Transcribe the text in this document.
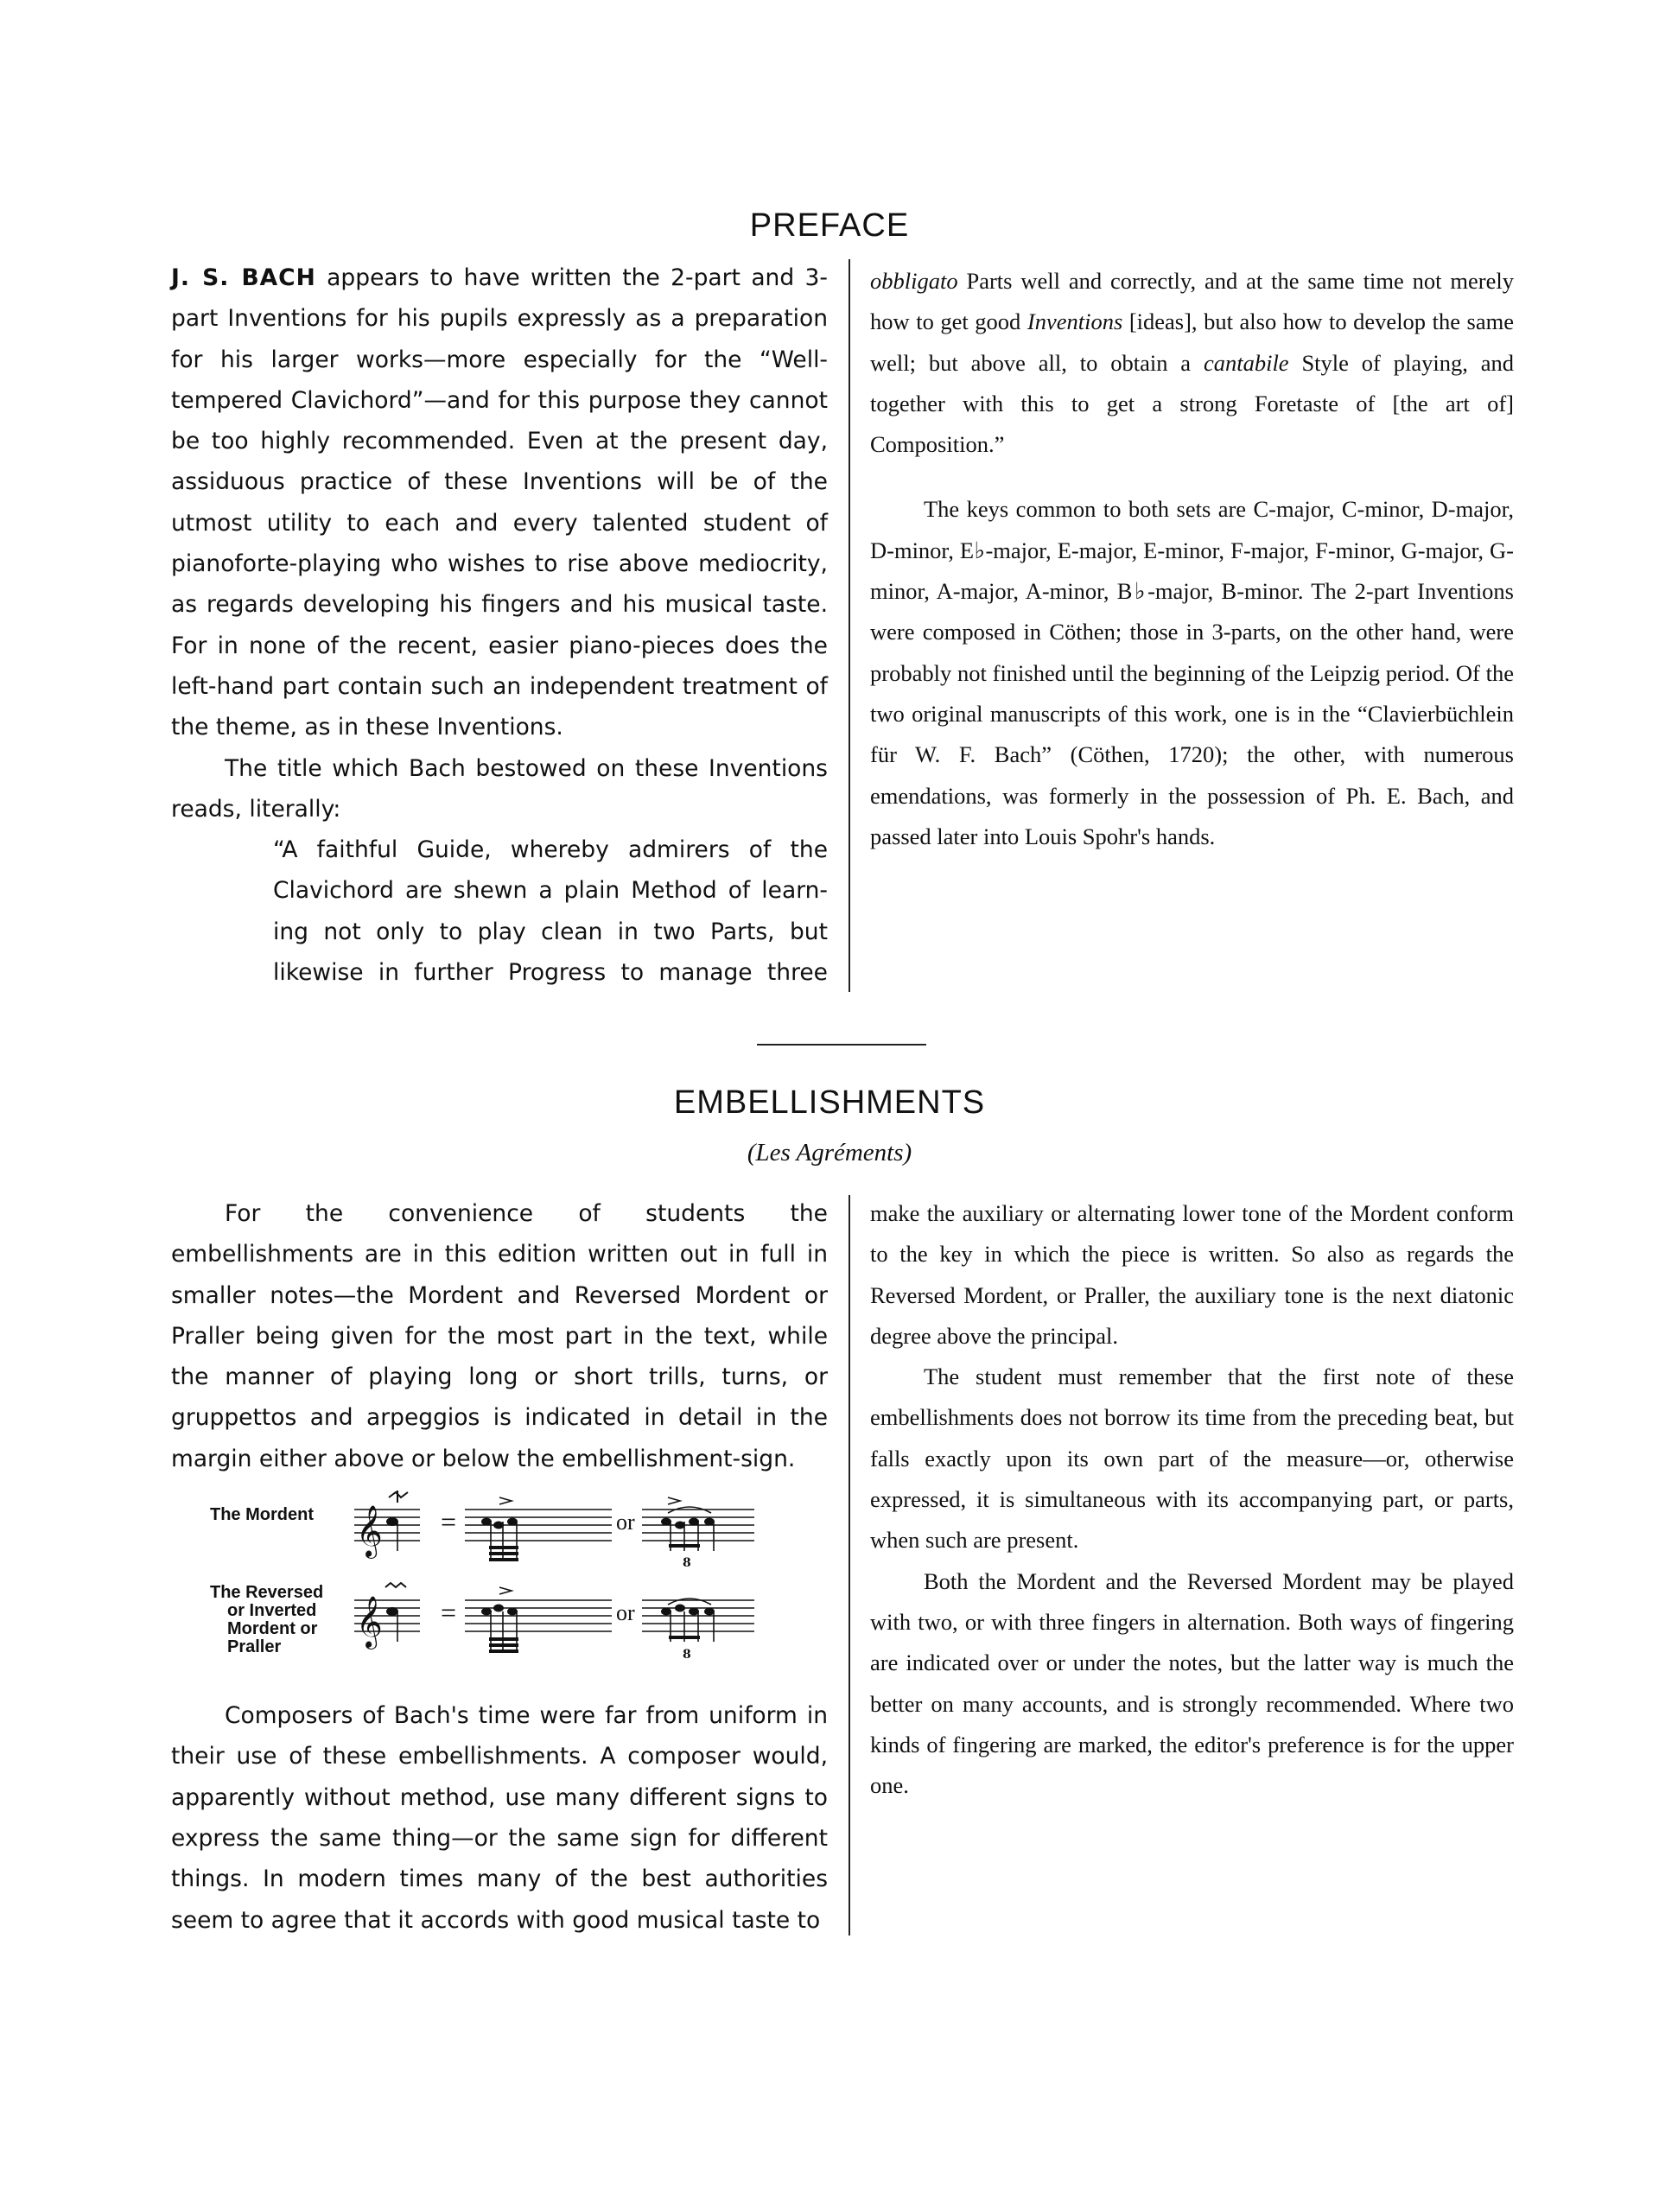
PREFACE

J. S. BACH appears to have written the 2-part and 3-part Inventions for his pupils expressly as a preparation for his larger works—more especially for the “Well-tempered Clavichord”—and for this purpose they cannot be too highly recommended. Even at the present day, assiduous practice of these Inventions will be of the utmost utility to each and every talented student of pianoforte-playing who wishes to rise above mediocrity, as regards developing his fingers and his musical taste. For in none of the recent, easier piano-pieces does the left-hand part contain such an independent treatment of the theme, as in these Inventions.

The title which Bach bestowed on these Inventions reads, literally:

“A faithful Guide, whereby admirers of the
Clavichord are shewn a plain Method of learn-
ing not only to play clean in two Parts, but
likewise in further Progress to manage three

obbligato Parts well and correctly, and at the same time not merely how to get good Inventions [ideas], but also how to develop the same well; but above all, to obtain a cantabile Style of playing, and together with this to get a strong Foretaste of [the art of] Composition.”

The keys common to both sets are C-major, C-minor, D-major, D-minor, E♭-major, E-major, E-minor, F-major, F-minor, G-major, G-minor, A-major, A-minor, B♭-major, B-minor. The 2-part Inventions were composed in Cöthen; those in 3-parts, on the other hand, were probably not finished until the beginning of the Leipzig period. Of the two original manuscripts of this work, one is in the “Clavierbüchlein für W. F. Bach” (Cöthen, 1720); the other, with numerous emendations, was formerly in the possession of Ph. E. Bach, and passed later into Louis Spohr's hands.

EMBELLISHMENTS
(Les Agréments)

For the convenience of students the embellishments are in this edition written out in full in smaller notes—the Mordent and Reversed Mordent or Praller being given for the most part in the text, while the manner of playing long or short trills, turns, or gruppettos and arpeggios is indicated in detail in the margin either above or below the embellishment-sign.

Composers of Bach's time were far from uniform in their use of these embellishments. A composer would, apparently without method, use many different signs to express the same thing—or the same sign for different things. In modern times many of the best authorities seem to agree that it accords with good musical taste to

The Mordent
The Reversed
or Inverted
Mordent or
Praller
𝄞
𝄞
8
8
=	or
=	or

make the auxiliary or alternating lower tone of the Mordent conform to the key in which the piece is written. So also as regards the Reversed Mordent, or Praller, the auxiliary tone is the next diatonic degree above the principal.

The student must remember that the first note of these embellishments does not borrow its time from the preceding beat, but falls exactly upon its own part of the measure—or, otherwise expressed, it is simultaneous with its accompanying part, or parts, when such are present.

Both the Mordent and the Reversed Mordent may be played with two, or with three fingers in alternation. Both ways of fingering are indicated over or under the notes, but the latter way is much the better on many accounts, and is strongly recommended. Where two kinds of fingering are marked, the editor's preference is for the upper one.
